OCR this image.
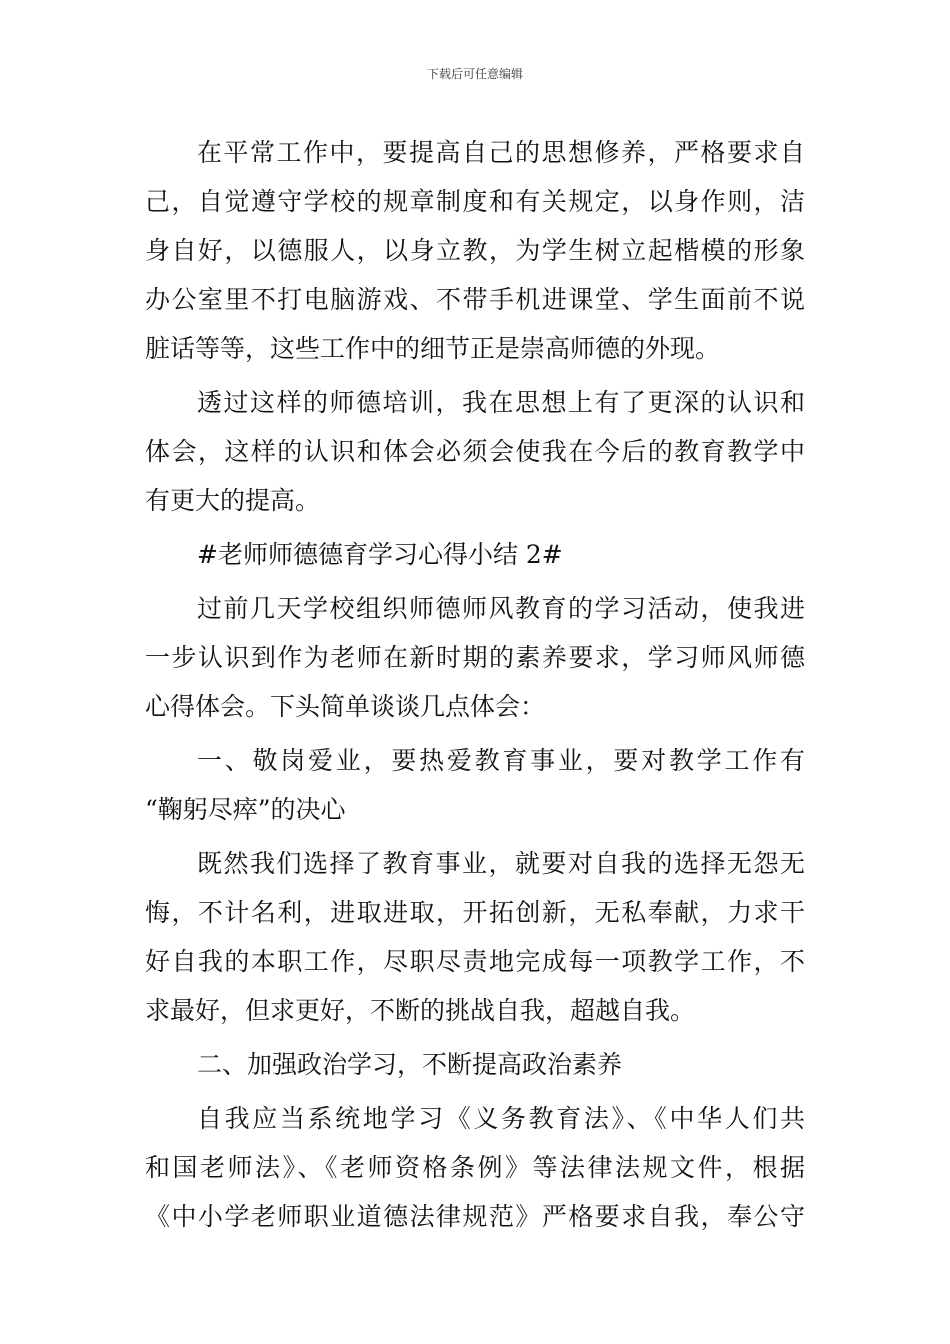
下载后可任意编辑
在平常工作中，要提高自己的思想修养，严格要求自
己，自觉遵守学校的规章制度和有关规定，以身作则，洁
身自好，以德服人，以身立教，为学生树立起楷模的形象
办公室里不打电脑游戏、不带手机进课堂、学生面前不说
脏话等等，这些工作中的细节正是崇高师德的外现。
透过这样的师德培训，我在思想上有了更深的认识和
体会，这样的认识和体会必须会使我在今后的教育教学中
有更大的提高。
#老师师德德育学习心得小结 2#
过前几天学校组织师德师风教育的学习活动，使我进
一步认识到作为老师在新时期的素养要求，学习师风师德
心得体会。下头简单谈谈几点体会：
一、敬岗爱业，要热爱教育事业，要对教学工作有
“鞠躬尽瘁”的决心
既然我们选择了教育事业，就要对自我的选择无怨无
悔，不计名利，进取进取，开拓创新，无私奉献，力求干
好自我的本职工作，尽职尽责地完成每一项教学工作，不
求最好，但求更好，不断的挑战自我，超越自我。
二、加强政治学习，不断提高政治素养
自我应当系统地学习《义务教育法》、《中华人们共
和国老师法》、《老师资格条例》等法律法规文件，根据
《中小学老师职业道德法律规范》严格要求自我，奉公守
